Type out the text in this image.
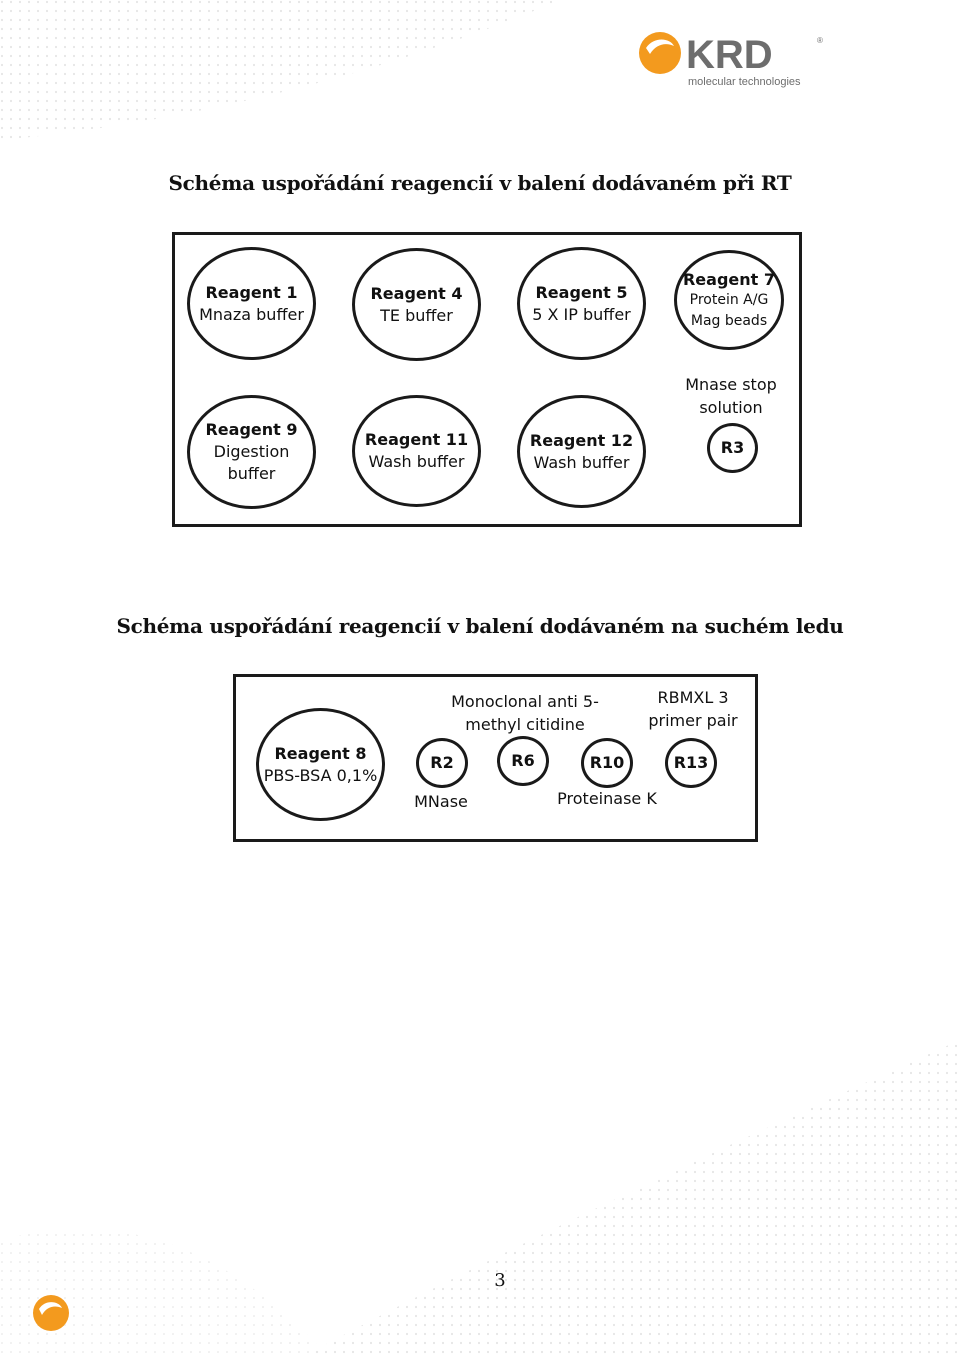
KRD
molecular technologies
®
Schéma uspořádání reagencií v balení dodávaném při RT
Reagent 1
Mnaza buffer
Reagent 4
TE buffer
Reagent 5
5 X IP buffer
Reagent 7
Protein A/G
Mag beads
Reagent 9
Digestion
buffer
Reagent 11
Wash buffer
Reagent 12
Wash buffer
Mnase stop
solution
R3
Schéma uspořádání reagencií v balení dodávaném na suchém ledu
Reagent 8
PBS-BSA 0,1%
Monoclonal anti 5-
methyl citidine
RBMXL 3
primer pair
R2	R6	R10	R13
MNase	Proteinase K
3
